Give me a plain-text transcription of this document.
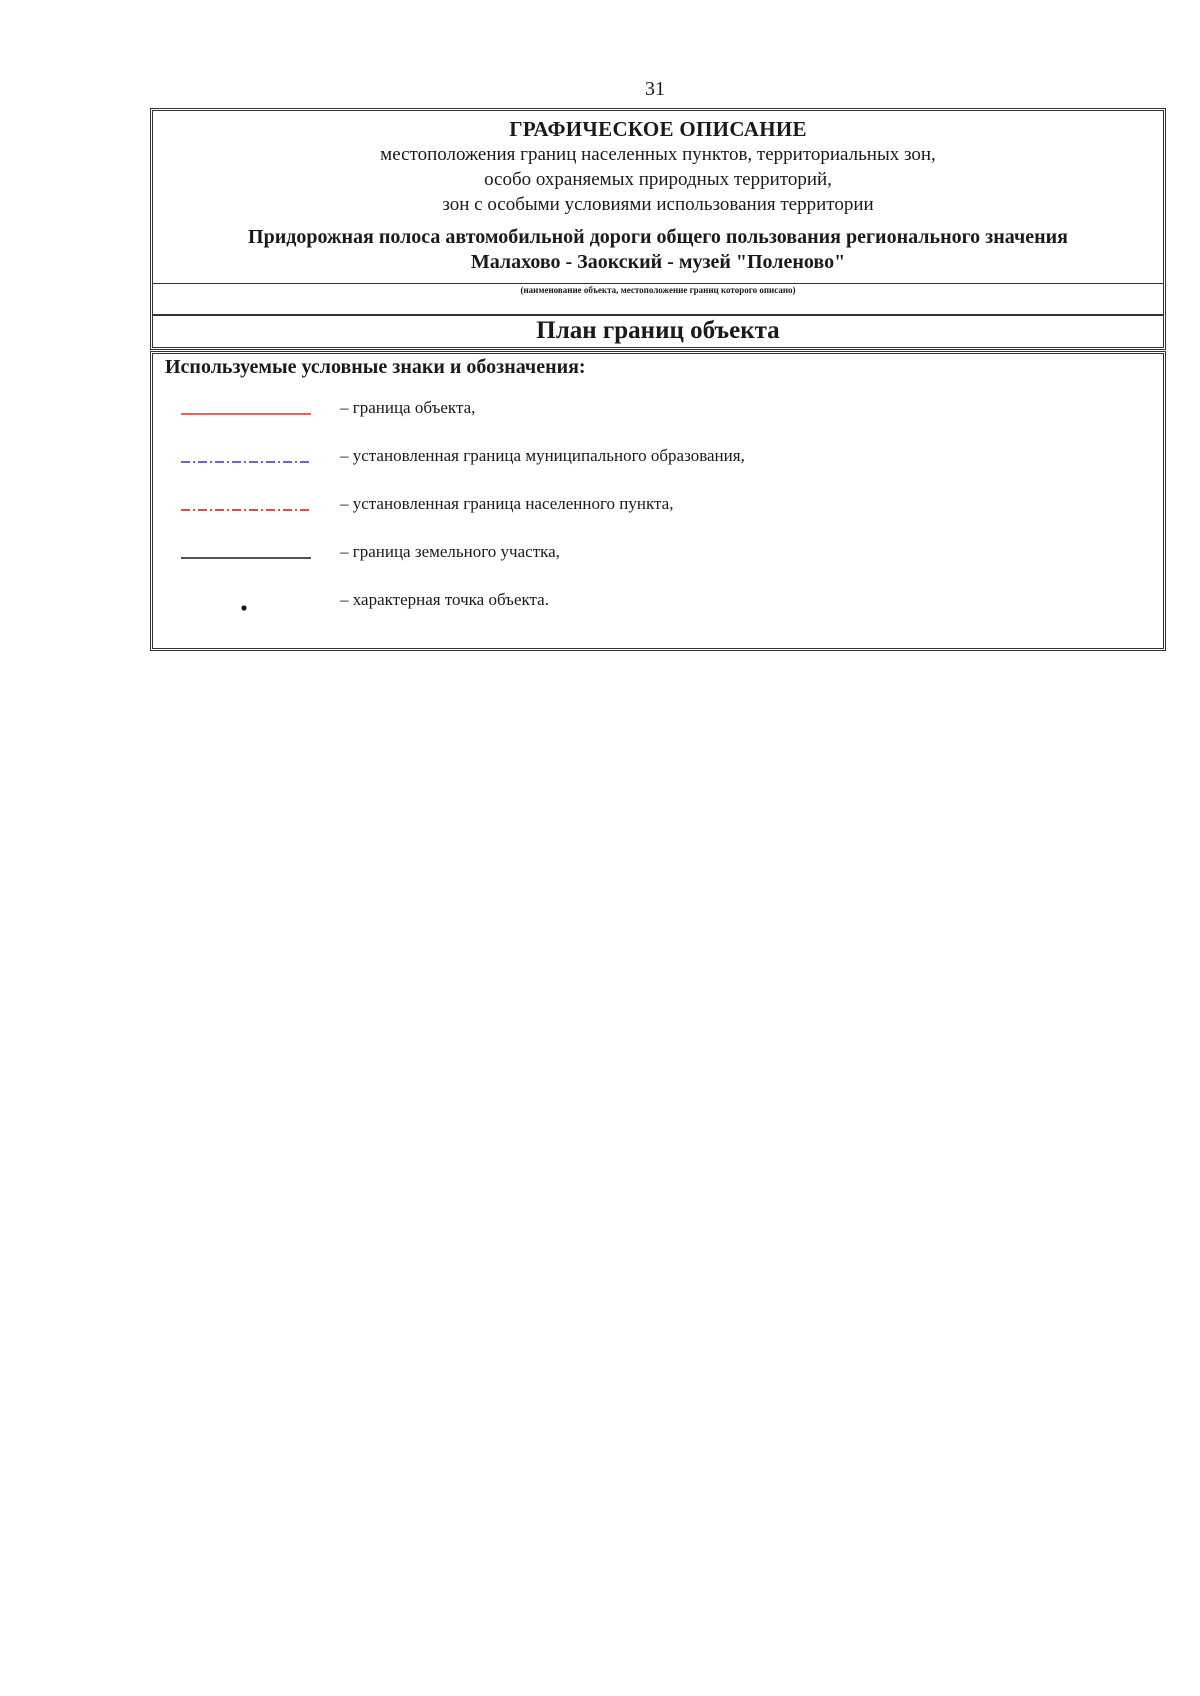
31
ГРАФИЧЕСКОЕ ОПИСАНИЕ
местоположения границ населенных пунктов, территориальных зон,
особо охраняемых природных территорий,
зон с особыми условиями использования территории
Придорожная полоса автомобильной дороги общего пользования регионального значения
Малахово - Заокский - музей "Поленово"
(наименование объекта, местоположение границ которого описано)
План границ объекта
Используемые условные знаки и обозначения:
– граница объекта,
– установленная граница муниципального образования,
– установленная граница населенного пункта,
– граница земельного участка,
– характерная точка объекта.
